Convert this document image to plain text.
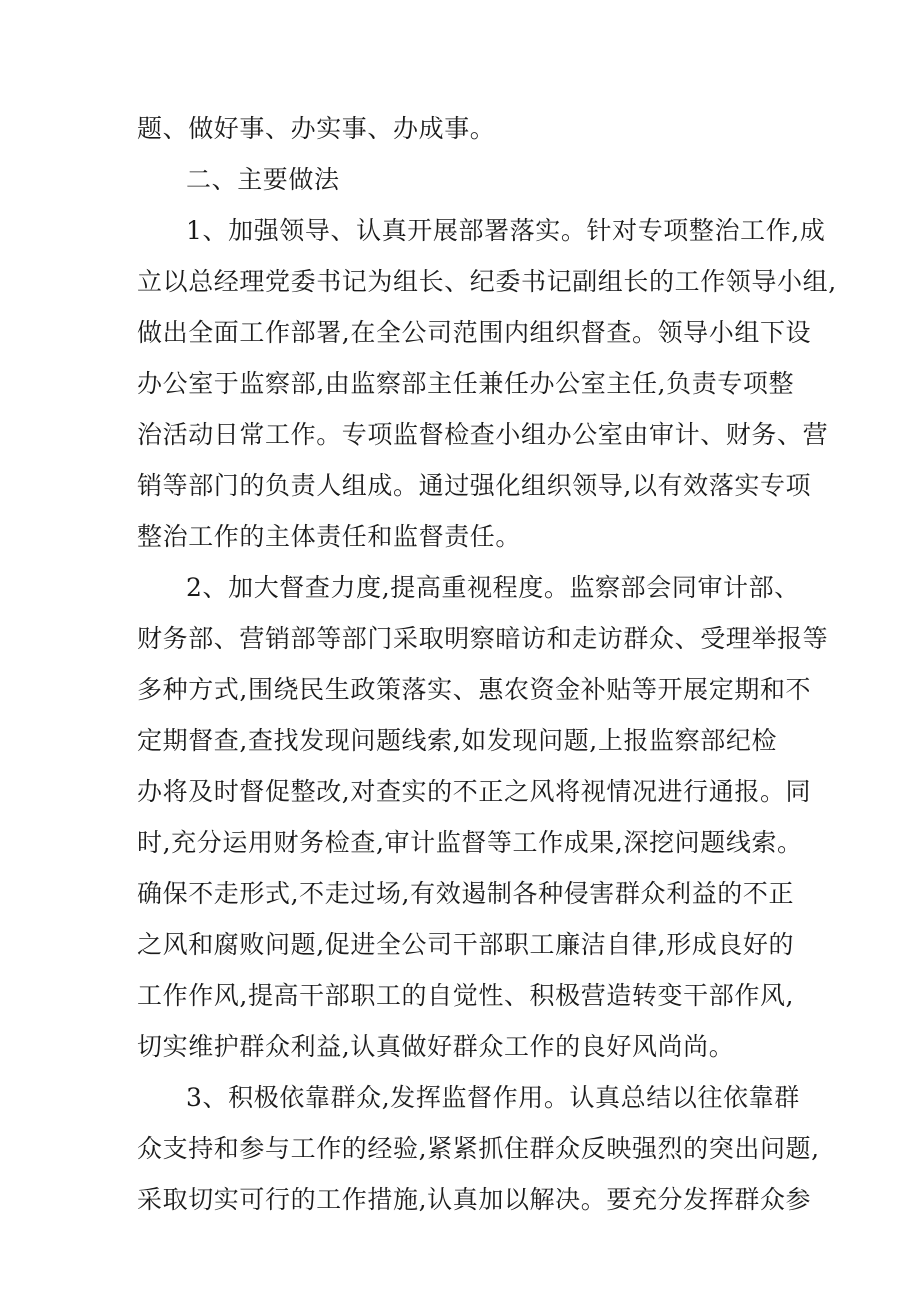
题、做好事、办实事、办成事。
二、主要做法
1、加强领导、认真开展部署落实。针对专项整治工作,成
立以总经理党委书记为组长、纪委书记副组长的工作领导小组,
做出全面工作部署,在全公司范围内组织督查。领导小组下设
办公室于监察部,由监察部主任兼任办公室主任,负责专项整
治活动日常工作。专项监督检查小组办公室由审计、财务、营
销等部门的负责人组成。通过强化组织领导,以有效落实专项
整治工作的主体责任和监督责任。
2、加大督查力度,提高重视程度。监察部会同审计部、
财务部、营销部等部门采取明察暗访和走访群众、受理举报等
多种方式,围绕民生政策落实、惠农资金补贴等开展定期和不
定期督查,查找发现问题线索,如发现问题,上报监察部纪检
办将及时督促整改,对查实的不正之风将视情况进行通报。同
时,充分运用财务检查,审计监督等工作成果,深挖问题线索。
确保不走形式,不走过场,有效遏制各种侵害群众利益的不正
之风和腐败问题,促进全公司干部职工廉洁自律,形成良好的
工作作风,提高干部职工的自觉性、积极营造转变干部作风,
切实维护群众利益,认真做好群众工作的良好风尚尚。
3、积极依靠群众,发挥监督作用。认真总结以往依靠群
众支持和参与工作的经验,紧紧抓住群众反映强烈的突出问题,
采取切实可行的工作措施,认真加以解决。要充分发挥群众参
